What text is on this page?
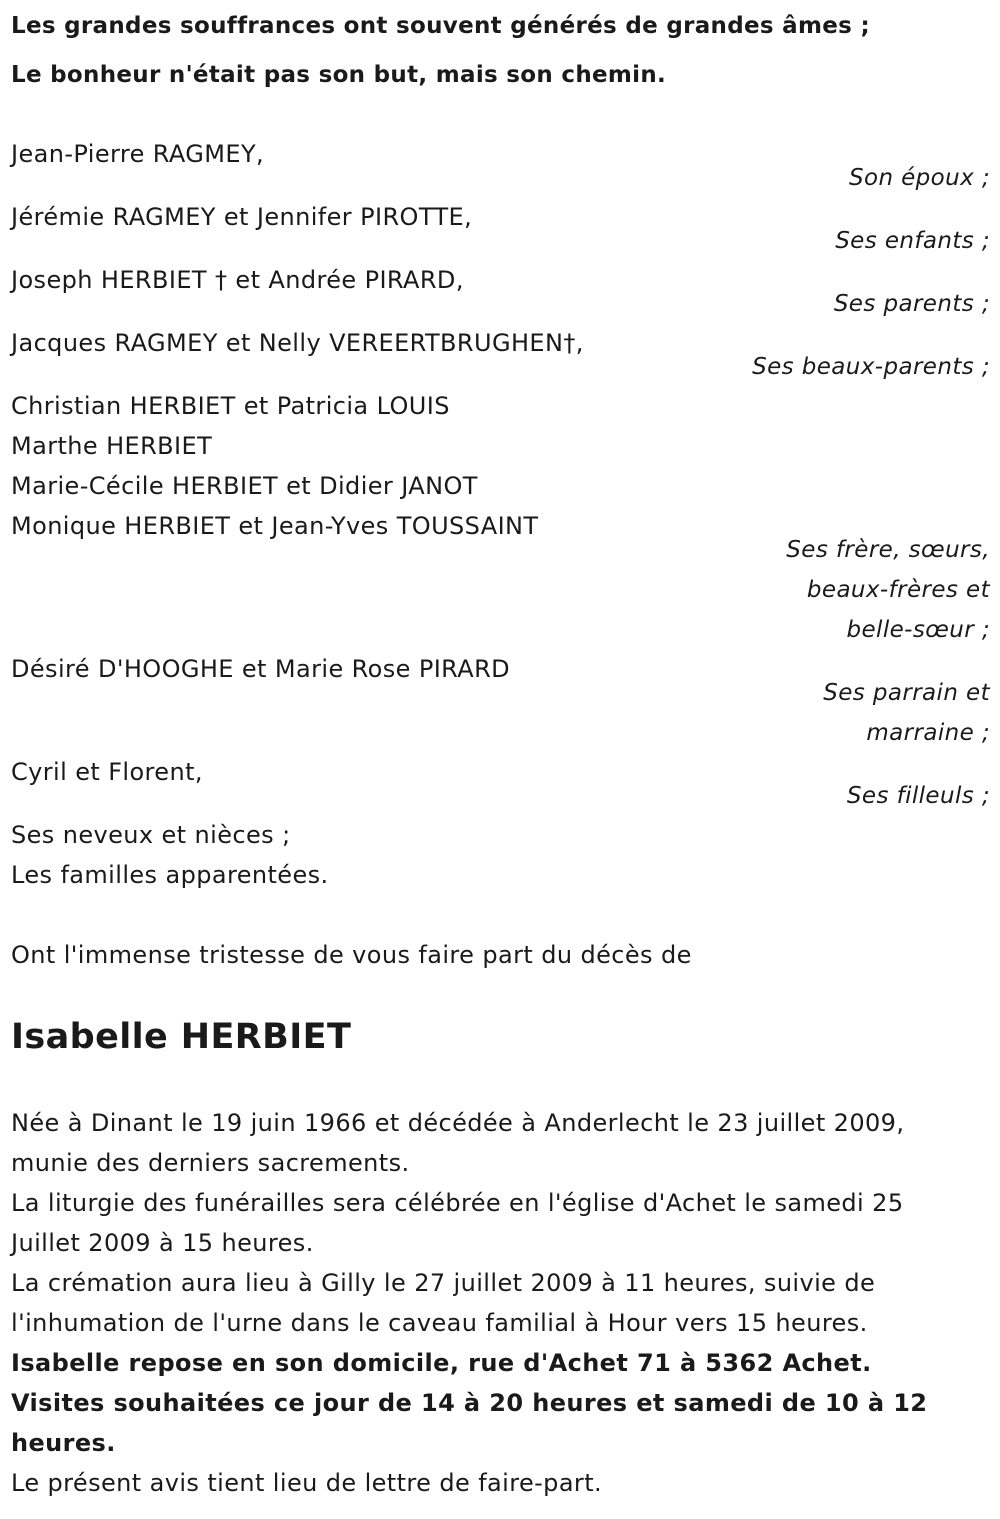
Les grandes souffrances ont souvent générés de grandes âmes ;
Le bonheur n'était pas son but, mais son chemin.
Jean-Pierre RAGMEY,
Son époux ;
Jérémie RAGMEY et Jennifer PIROTTE,
Ses enfants ;
Joseph HERBIET † et Andrée PIRARD,
Ses parents ;
Jacques RAGMEY et Nelly VEREERTBRUGHEN†,
Ses beaux-parents ;
Christian HERBIET et Patricia LOUIS
Marthe HERBIET
Marie-Cécile HERBIET et Didier JANOT
Monique HERBIET et Jean-Yves TOUSSAINT
Ses frère, sœurs,
beaux-frères et
belle-sœur ;
Désiré D'HOOGHE et Marie Rose PIRARD
Ses parrain et
marraine ;
Cyril et Florent,
Ses filleuls ;
Ses neveux et nièces ;
Les familles apparentées.
Ont l'immense tristesse de vous faire part du décès de
Isabelle HERBIET
Née à Dinant le 19 juin 1966 et décédée à Anderlecht le 23 juillet 2009,
munie des derniers sacrements.
La liturgie des funérailles sera célébrée en l'église d'Achet le samedi 25
Juillet 2009 à 15 heures.
La crémation aura lieu à Gilly le 27 juillet 2009 à 11 heures, suivie de
l'inhumation de l'urne dans le caveau familial à Hour vers 15 heures.
Isabelle repose en son domicile, rue d'Achet 71 à 5362 Achet.
Visites souhaitées ce jour de 14 à 20 heures et samedi de 10 à 12
heures.
Le présent avis tient lieu de lettre de faire-part.
